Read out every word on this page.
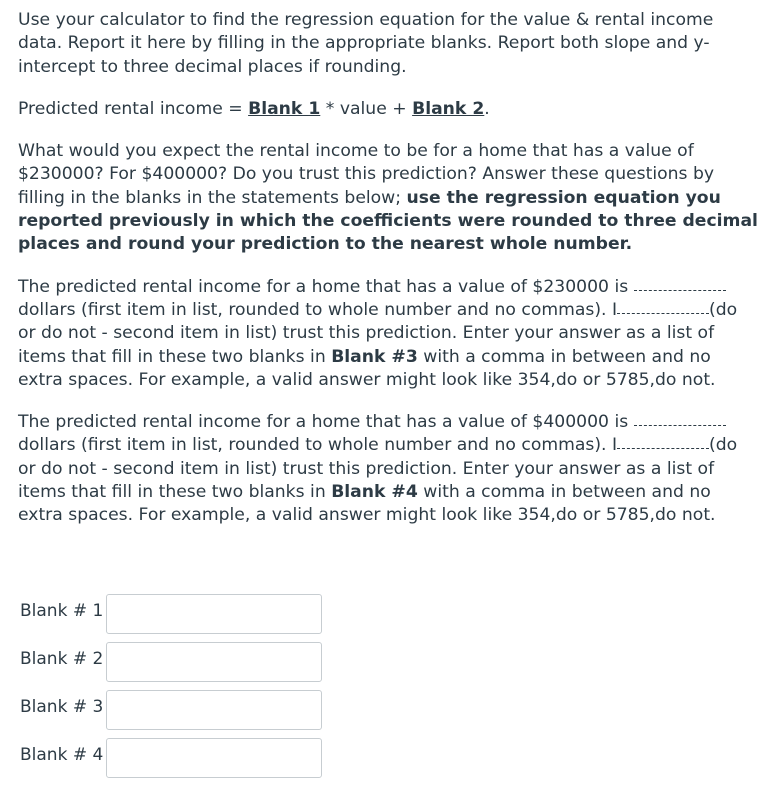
Use your calculator to find the regression equation for the value & rental income data. Report it here by filling in the appropriate blanks. Report both slope and y-intercept to three decimal places if rounding.

Predicted rental income = Blank 1 * value + Blank 2.

What would you expect the rental income to be for a home that has a value of $230000? For $400000? Do you trust this prediction? Answer these questions by filling in the blanks in the statements below; use the regression equation you reported previously in which the coefficients were rounded to three decimal places and round your prediction to the nearest whole number.

The predicted rental income for a home that has a value of $230000 is  dollars (first item in list, rounded to whole number and no commas). I	(do or do not - second item in list) trust this prediction. Enter your answer as a list of items that fill in these two blanks in Blank #3 with a comma in between and no extra spaces. For example, a valid answer might look like 354,do or 5785,do not.

The predicted rental income for a home that has a value of $400000 is  dollars (first item in list, rounded to whole number and no commas). I	(do or do not - second item in list) trust this prediction. Enter your answer as a list of items that fill in these two blanks in Blank #4 with a comma in between and no extra spaces. For example, a valid answer might look like 354,do or 5785,do not.

Blank # 1
Blank # 2
Blank # 3
Blank # 4
